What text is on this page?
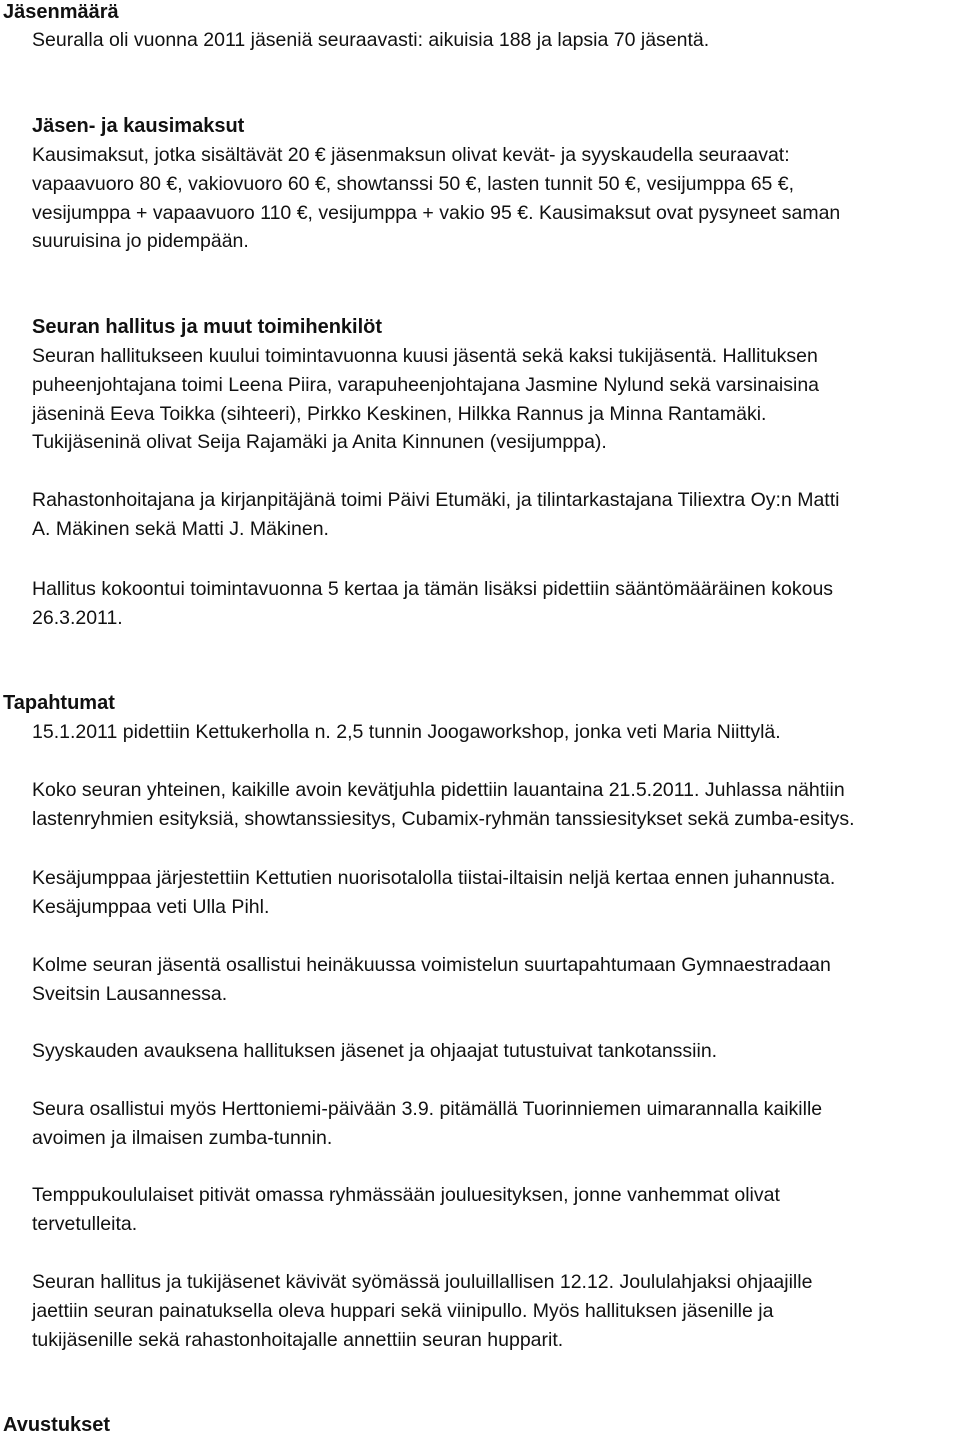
Jäsenmäärä
Seuralla oli vuonna 2011 jäseniä seuraavasti: aikuisia 188 ja lapsia 70 jäsentä.
Jäsen- ja kausimaksut
Kausimaksut, jotka sisältävät 20 € jäsenmaksun olivat kevät- ja syyskaudella seuraavat:
vapaavuoro 80 €, vakiovuoro 60 €, showtanssi 50 €, lasten tunnit 50 €, vesijumppa 65 €,
vesijumppa + vapaavuoro 110 €, vesijumppa + vakio 95 €. Kausimaksut ovat pysyneet saman
suuruisina jo pidempään.
Seuran hallitus ja muut toimihenkilöt
Seuran hallitukseen kuului toimintavuonna kuusi jäsentä sekä kaksi tukijäsentä. Hallituksen
puheenjohtajana toimi Leena Piira, varapuheenjohtajana Jasmine Nylund sekä varsinaisina
jäseninä Eeva Toikka (sihteeri), Pirkko Keskinen, Hilkka Rannus ja Minna Rantamäki.
Tukijäseninä olivat Seija Rajamäki ja Anita Kinnunen (vesijumppa).
Rahastonhoitajana ja kirjanpitäjänä toimi Päivi Etumäki, ja tilintarkastajana Tiliextra Oy:n Matti
A. Mäkinen sekä Matti J. Mäkinen.
Hallitus kokoontui toimintavuonna 5 kertaa ja tämän lisäksi pidettiin sääntömääräinen kokous
26.3.2011.
Tapahtumat
15.1.2011 pidettiin Kettukerholla n. 2,5 tunnin Joogaworkshop, jonka veti Maria Niittylä.
Koko seuran yhteinen, kaikille avoin kevätjuhla pidettiin lauantaina 21.5.2011. Juhlassa nähtiin
lastenryhmien esityksiä, showtanssiesitys, Cubamix-ryhmän tanssiesitykset sekä zumba-esitys.
Kesäjumppaa järjestettiin Kettutien nuorisotalolla tiistai-iltaisin neljä kertaa ennen juhannusta.
Kesäjumppaa veti Ulla Pihl.
Kolme seuran jäsentä osallistui heinäkuussa voimistelun suurtapahtumaan Gymnaestradaan
Sveitsin Lausannessa.
Syyskauden avauksena hallituksen jäsenet ja ohjaajat tutustuivat tankotanssiin.
Seura osallistui myös Herttoniemi-päivään 3.9. pitämällä Tuorinniemen uimarannalla kaikille
avoimen ja ilmaisen zumba-tunnin.
Temppukoululaiset pitivät omassa ryhmässään jouluesityksen, jonne vanhemmat olivat
tervetulleita.
Seuran hallitus ja tukijäsenet kävivät syömässä jouluillallisen 12.12. Joululahjaksi ohjaajille
jaettiin seuran painatuksella oleva huppari sekä viinipullo. Myös hallituksen jäsenille ja
tukijäsenille sekä rahastonhoitajalle annettiin seuran hupparit.
Avustukset
